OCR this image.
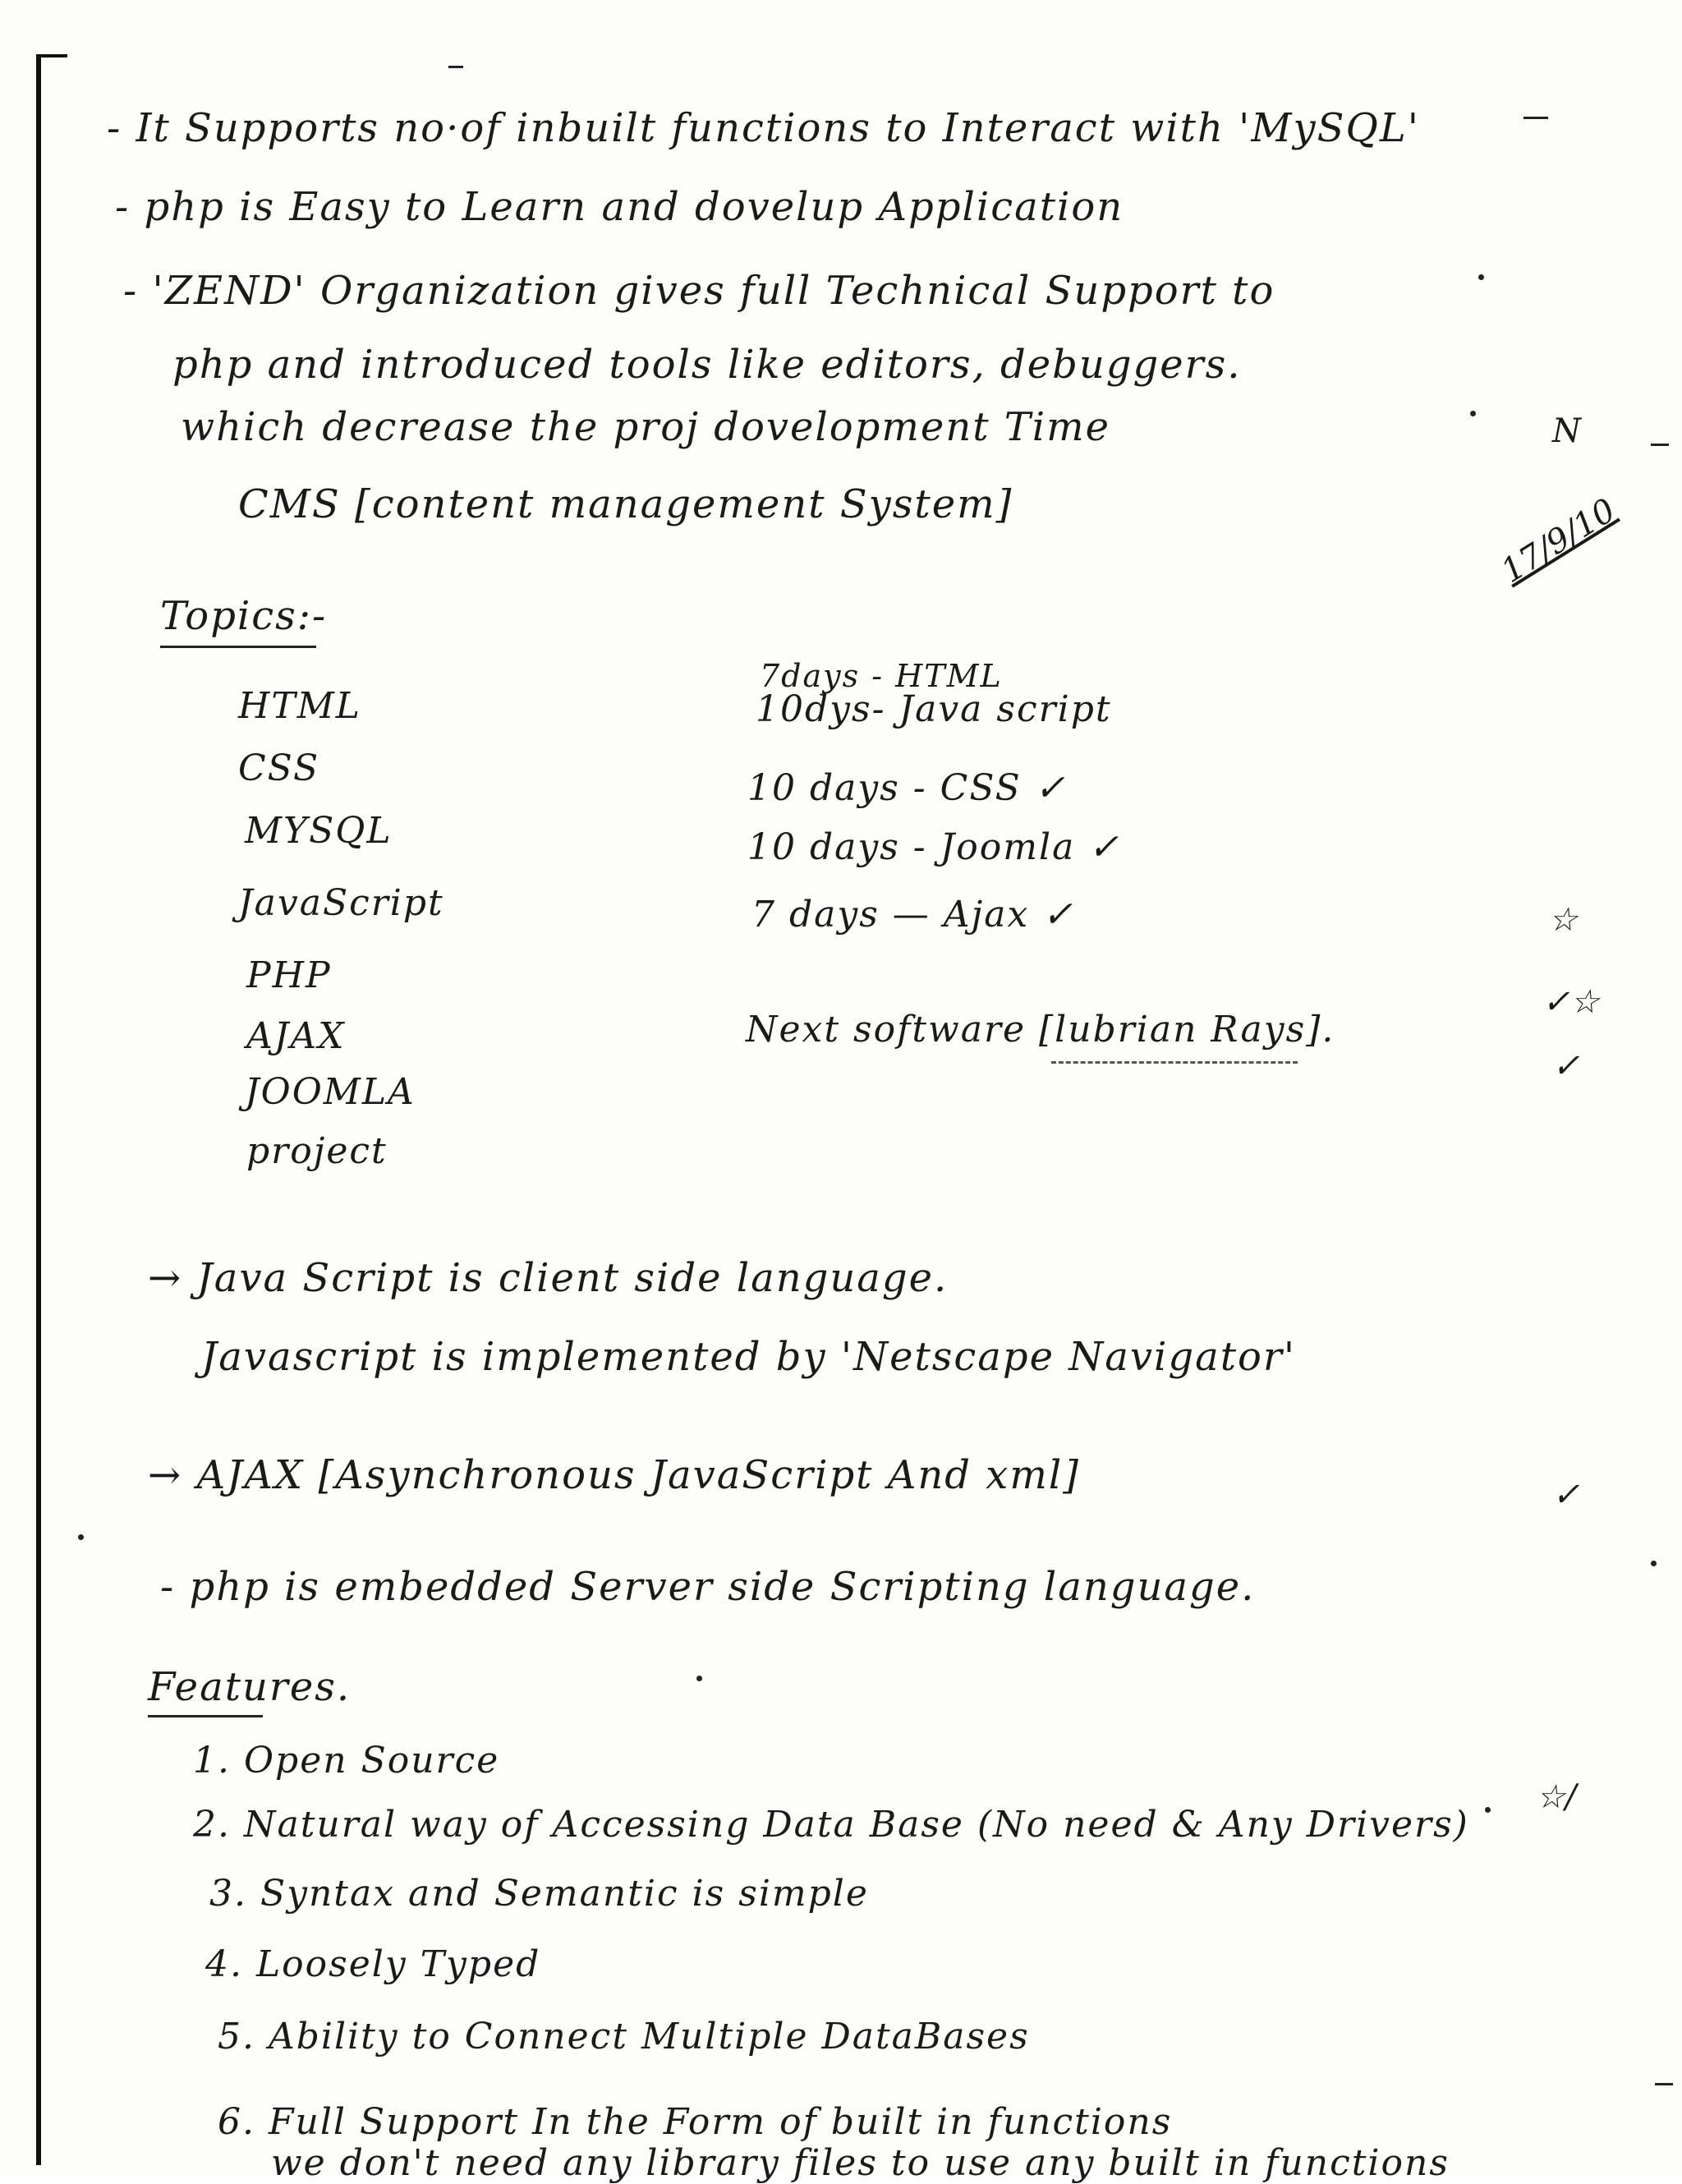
- It Supports no·of inbuilt functions to Interact with 'MySQL'
- php is Easy to Learn and dovelup Application
- 'ZEND' Organization gives full Technical Support to
php and introduced tools like editors, debuggers.
which decrease the proj dovelopment Time
CMS [content management System]
Topics:-
HTML
CSS
MYSQL
JavaScript
PHP
AJAX
JOOMLA
project
7days - HTML
10dys- Java script
10 days - CSS ✓
10 days - Joomla ✓
7 days — Ajax ✓
Next software [lubrian Rays].
→ Java Script is client side language.
Javascript is implemented by 'Netscape Navigator'
→ AJAX [Asynchronous JavaScript And xml]
- php is embedded Server side Scripting language.
Features.
1. Open Source
2. Natural way of Accessing Data Base (No need & Any Drivers)
3. Syntax and Semantic is simple
4. Loosely Typed
5. Ability to Connect Multiple DataBases
6. Full Support In the Form of built in functions
we don't need any library files to use any built in functions
17/9/10
N
☆
✓☆
✓
✓
☆/
